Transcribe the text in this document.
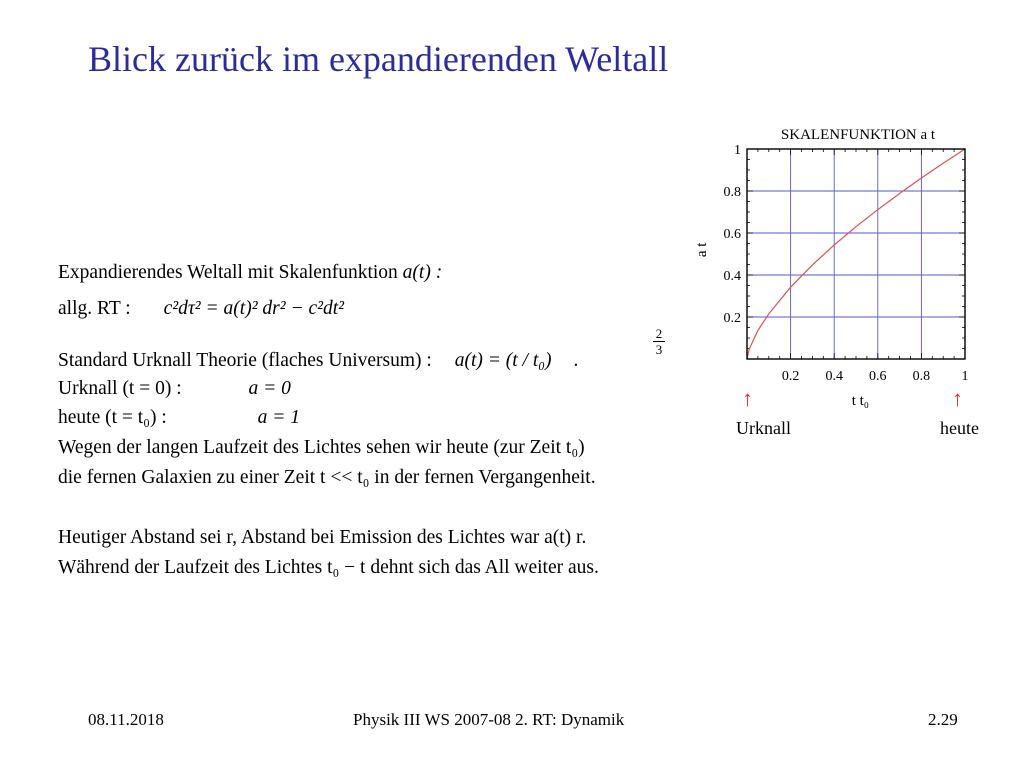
Blick zurück im expandierenden Weltall
Expandierendes Weltall mit Skalenfunktion a(t) :
allg. RT : c²dτ² = a(t)² dr² − c²dt²
Standard Urknall Theorie (flaches Universum) : a(t) = (t / t₀) .
2
3
Urknall (t = 0) :	a = 0
heute (t = t₀) :	a = 1
Wegen der langen Laufzeit des Lichtes sehen wir heute (zur Zeit t₀)
die fernen Galaxien zu einer Zeit t << t₀ in der fernen Vergangenheit.
Heutiger Abstand sei r, Abstand bei Emission des Lichtes war a(t) r.
Während der Laufzeit des Lichtes t₀ − t dehnt sich das All weiter aus.
SKALENFUNKTION a t
0.2 0.4 0.6 0.8 1
1
0.8
0.6
0.4
0.2
a t
t t₀
↑	↑
Urknall	heute
08.11.2018	Physik III WS 2007-08 2. RT: Dynamik	2.29
